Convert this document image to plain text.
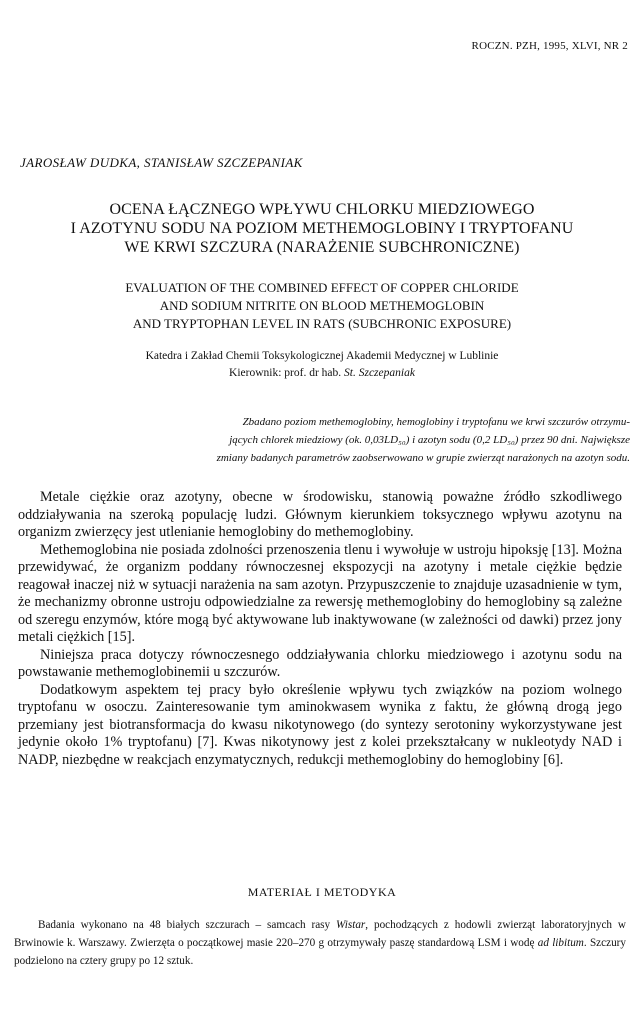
ROCZN. PZH, 1995, XLVI, NR 2
JAROSŁAW DUDKA, STANISŁAW SZCZEPANIAK
OCENA ŁĄCZNEGO WPŁYWU CHLORKU MIEDZIOWEGO
I AZOTYNU SODU NA POZIOM METHEMOGLOBINY I TRYPTOFANU
WE KRWI SZCZURA (NARAŻENIE SUBCHRONICZNE)
EVALUATION OF THE COMBINED EFFECT OF COPPER CHLORIDE
AND SODIUM NITRITE ON BLOOD METHEMOGLOBIN
AND TRYPTOPHAN LEVEL IN RATS (SUBCHRONIC EXPOSURE)
Katedra i Zakład Chemii Toksykologicznej Akademii Medycznej w Lublinie
Kierownik: prof. dr hab. St. Szczepaniak
Zbadano poziom methemoglobiny, hemoglobiny i tryptofanu we krwi szczurów otrzymu-
jących chlorek miedziowy (ok. 0,03LD₅₀) i azotyn sodu (0,2 LD₅₀) przez 90 dni. Największe
zmiany badanych parametrów zaobserwowano w grupie zwierząt narażonych na azotyn sodu.

Metale ciężkie oraz azotyny, obecne w środowisku, stanowią poważne źródło szkodliwego oddziaływania na szeroką populację ludzi. Głównym kierunkiem toksycznego wpływu azotynu na organizm zwierzęcy jest utlenianie hemoglobiny do methemoglobiny.

Methemoglobina nie posiada zdolności przenoszenia tlenu i wywołuje w ustroju hipoksję [13]. Można przewidywać, że organizm poddany równoczesnej ekspozycji na azotyny i metale ciężkie będzie reagował inaczej niż w sytuacji narażenia na sam azotyn. Przypuszczenie to znajduje uzasadnienie w tym, że mechanizmy obronne ustroju odpowiedzialne za rewersję methemoglobiny do hemoglobiny są zależne od szeregu enzymów, które mogą być aktywowane lub inaktywowane (w zależności od dawki) przez jony metali ciężkich [15].

Niniejsza praca dotyczy równoczesnego oddziaływania chlorku miedziowego i azotynu sodu na powstawanie methemoglobinemii u szczurów.

Dodatkowym aspektem tej pracy było określenie wpływu tych związków na poziom wolnego tryptofanu w osoczu. Zainteresowanie tym aminokwasem wynika z faktu, że główną drogą jego przemiany jest biotransformacja do kwasu nikotynowego (do syntezy serotoniny wykorzystywane jest jedynie około 1% tryptofanu) [7]. Kwas nikotynowy jest z kolei przekształcany w nukleotydy NAD i NADP, niezbędne w reakcjach enzymatycznych, redukcji methemoglobiny do hemoglobiny [6].

MATERIAŁ I METODYKA

Badania wykonano na 48 białych szczurach – samcach rasy Wistar, pochodzących z hodowli zwierząt laboratoryjnych w Brwinowie k. Warszawy. Zwierzęta o początkowej masie 220–270 g otrzymywały paszę standardową LSM i wodę ad libitum. Szczury podzielono na cztery grupy po 12 sztuk.
